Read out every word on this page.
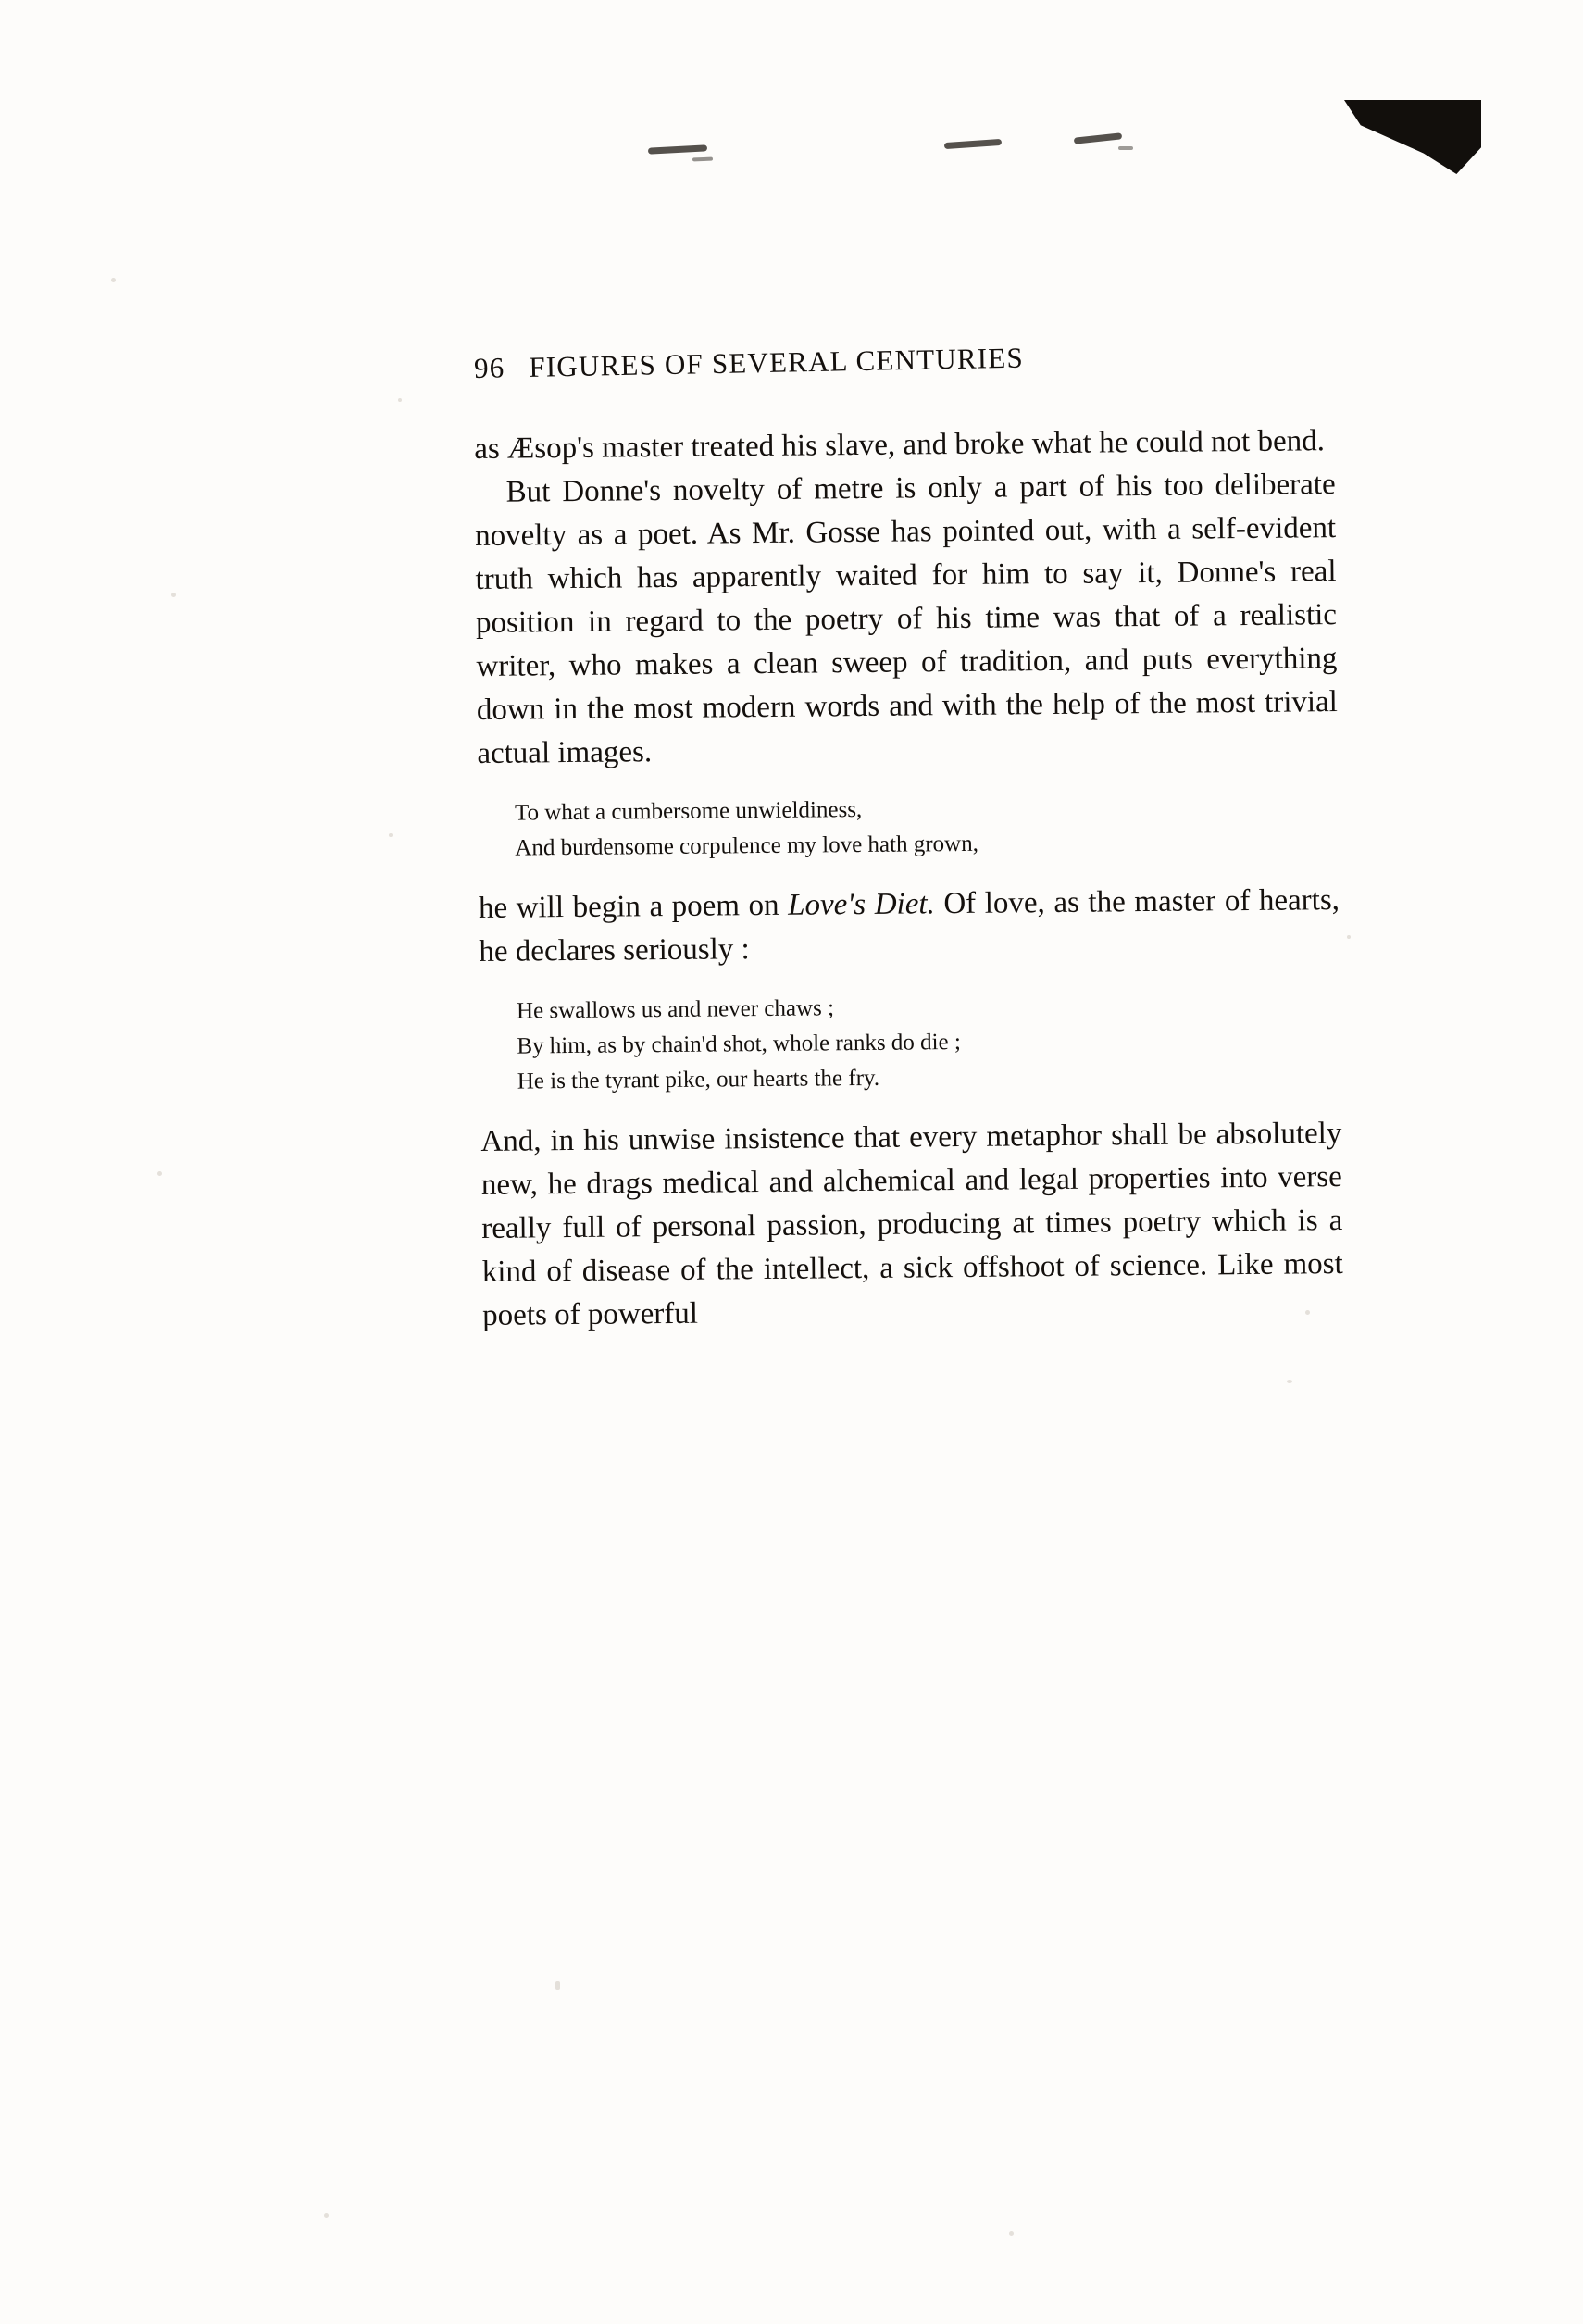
96 FIGURES OF SEVERAL CENTURIES

as Æsop's master treated his slave, and broke what he could not bend.

But Donne's novelty of metre is only a part of his too deliberate novelty as a poet. As Mr. Gosse has pointed out, with a self-evident truth which has apparently waited for him to say it, Donne's real position in regard to the poetry of his time was that of a realistic writer, who makes a clean sweep of tradition, and puts everything down in the most modern words and with the help of the most trivial actual images.

To what a cumbersome unwieldiness,
And burdensome corpulence my love hath grown,

he will begin a poem on Love's Diet. Of love, as the master of hearts, he declares seriously :

He swallows us and never chaws ;
By him, as by chain'd shot, whole ranks do die ;
He is the tyrant pike, our hearts the fry.

And, in his unwise insistence that every metaphor shall be absolutely new, he drags medical and alchemical and legal properties into verse really full of personal passion, producing at times poetry which is a kind of disease of the intellect, a sick offshoot of science. Like most poets of powerful
